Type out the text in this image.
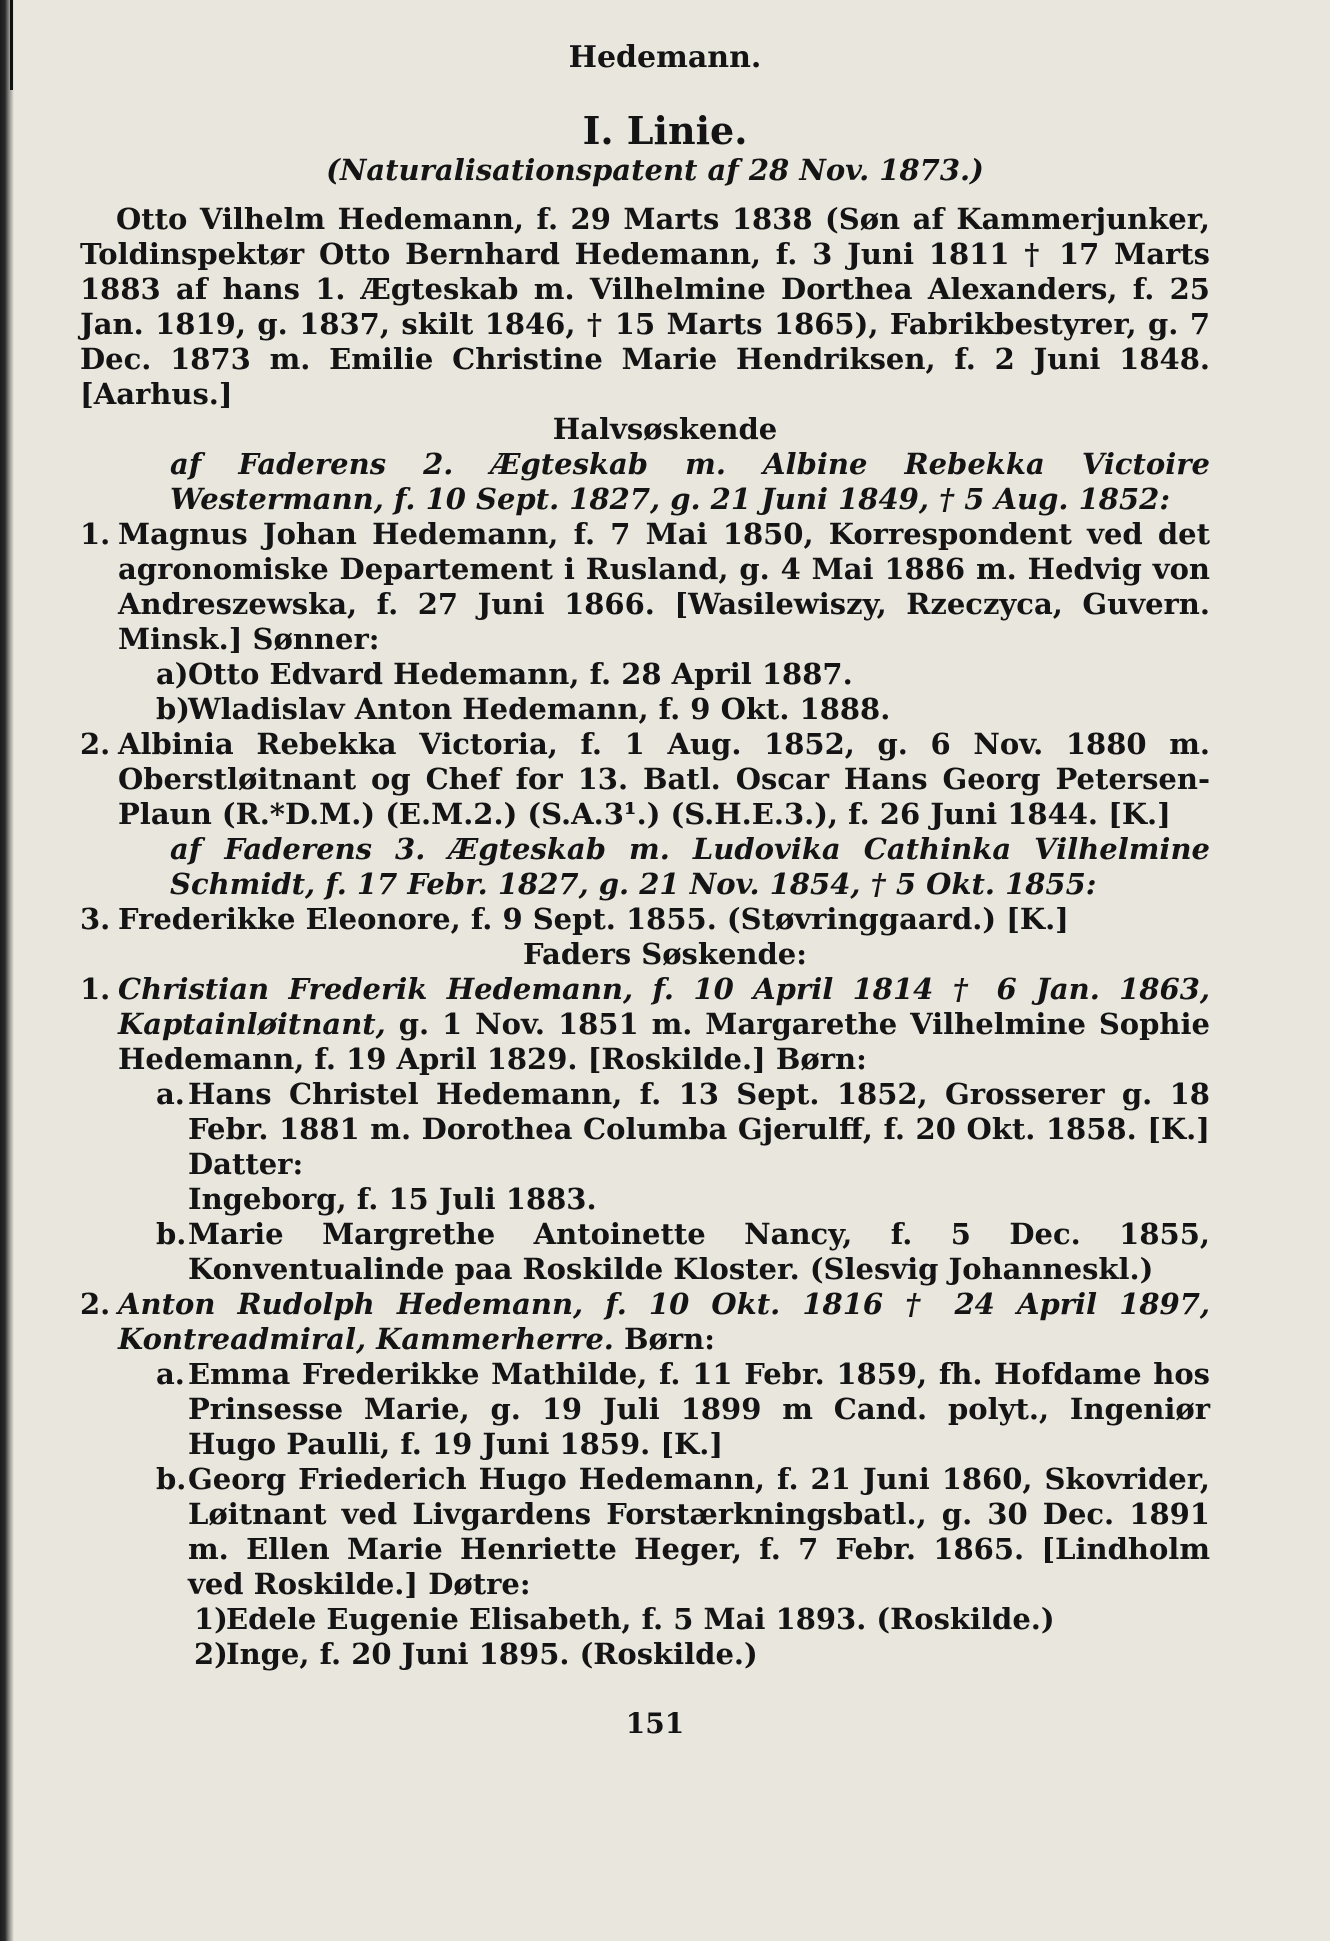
Hedemann.
I. Linie.
(Naturalisationspatent af 28 Nov. 1873.)

Otto Vilhelm Hedemann, f. 29 Marts 1838 (Søn af Kammerjunker, Toldinspektør Otto Bernhard Hedemann, f. 3 Juni 1811 † 17 Marts 1883 af hans 1. Ægteskab m. Vilhelmine Dorthea Alexanders, f. 25 Jan. 1819, g. 1837, skilt 1846, † 15 Marts 1865), Fabrikbestyrer, g. 7 Dec. 1873 m. Emilie Christine Marie Hendriksen, f. 2 Juni 1848. [Aarhus.]

Halvsøskende
af Faderens 2. Ægteskab m. Albine Rebekka Victoire Westermann, f. 10 Sept. 1827, g. 21 Juni 1849, † 5 Aug. 1852:
1. Magnus Johan Hedemann, f. 7 Mai 1850, Korrespondent ved det agronomiske Departement i Rusland, g. 4 Mai 1886 m. Hedvig von Andreszewska, f. 27 Juni 1866. [Wasilewiszy, Rzeczyca, Guvern. Minsk.] Sønner:
a) Otto Edvard Hedemann, f. 28 April 1887.
b)
Wladislav Anton Hedemann, f. 9 Okt. 1888.
2. Albinia Rebekka Victoria, f. 1 Aug. 1852, g. 6 Nov. 1880 m. Oberstløitnant og Chef for 13. Batl. Oscar Hans Georg Petersen-Plaun (R.*D.M.) (E.M.2.) (S.A.3¹.) (S.H.E.3.), f. 26 Juni 1844. [K.]
af Faderens 3. Ægteskab m. Ludovika Cathinka Vilhelmine Schmidt, f. 17 Febr. 1827, g. 21 Nov. 1854, † 5 Okt. 1855:
3. Frederikke Eleonore, f. 9 Sept. 1855. (Støvringgaard.) [K.]
Faders Søskende:
1. Christian Frederik Hedemann, f. 10 April 1814 † 6 Jan. 1863, Kaptainløitnant, g. 1 Nov. 1851 m. Margarethe Vilhelmine Sophie Hedemann, f. 19 April 1829. [Roskilde.] Børn:
a. Hans Christel Hedemann, f. 13 Sept. 1852, Grosserer g. 18 Febr. 1881 m. Dorothea Columba Gjerulff, f. 20 Okt. 1858. [K.] Datter:
Ingeborg, f. 15 Juli 1883.
b. Marie Margrethe Antoinette Nancy, f. 5 Dec. 1855, Konventualinde paa Roskilde Kloster. (Slesvig Johanneskl.)
2. Anton Rudolph Hedemann, f. 10 Okt. 1816 † 24 April 1897, Kontreadmiral, Kammerherre. Børn:
a. Emma Frederikke Mathilde, f. 11 Febr. 1859, fh. Hofdame hos Prinsesse Marie, g. 19 Juli 1899 m Cand. polyt., Ingeniør Hugo Paulli, f. 19 Juni 1859. [K.]
b. Georg Friederich Hugo Hedemann, f. 21 Juni 1860, Skovrider, Løitnant ved Livgardens Forstærkningsbatl., g. 30 Dec. 1891 m. Ellen Marie Henriette Heger, f. 7 Febr. 1865. [Lindholm ved Roskilde.] Døtre:
1)
Edele Eugenie Elisabeth, f. 5 Mai 1893. (Roskilde.)
2)
Inge, f. 20 Juni 1895. (Roskilde.)
151
